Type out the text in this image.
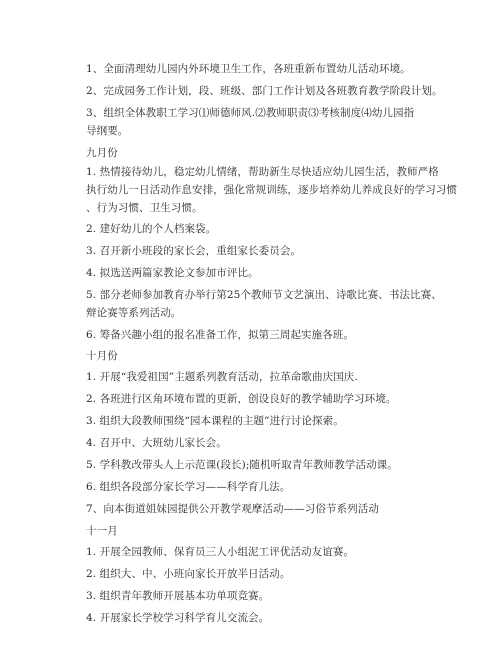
1、全面清理幼儿园内外环境卫生工作，各班重新布置幼儿活动环境。
2、完成园务工作计划，段、班级、部门工作计划及各班教育教学阶段计划。
3、组织全体教职工学习⑴师德师风.⑵教师职责⑶考核制度⑷幼儿园指
导纲要。
九月份
1. 热情接待幼儿，稳定幼儿情绪，帮助新生尽快适应幼儿园生活，教师严格
执行幼儿一日活动作息安排，强化常规训练，逐步培养幼儿养成良好的学习习惯
、行为习惯、卫生习惯。
2. 建好幼儿的个人档案袋。
3. 召开新小班段的家长会，重组家长委员会。
4. 拟选送两篇家教论文参加市评比。
5. 部分老师参加教育办举行第25个教师节文艺演出、诗歌比赛、书法比赛、
辩论赛等系列活动。
6. 筹备兴趣小组的报名准备工作，拟第三周起实施各班。
十月份
1. 开展“我爱祖国”主题系列教育活动，拉革命歌曲庆国庆.
2. 各班进行区角环境布置的更新，创设良好的教学辅助学习环境。
3. 组织大段教师围绕“园本课程的主题”进行讨论探索。
4. 召开中、大班幼儿家长会。
5. 学科教改带头人上示范课(段长);随机听取青年教师教学活动课。
6. 组织各段部分家长学习——科学育儿法。
7、向本街道姐妹园提供公开教学观摩活动——习俗节系列活动
十一月
1. 开展全园教师、保育员三人小组泥工评优活动友谊赛。
2. 组织大、中、小班向家长开放半日活动。
3. 组织青年教师开展基本功单项竞赛。
4. 开展家长学校学习科学育儿交流会。
